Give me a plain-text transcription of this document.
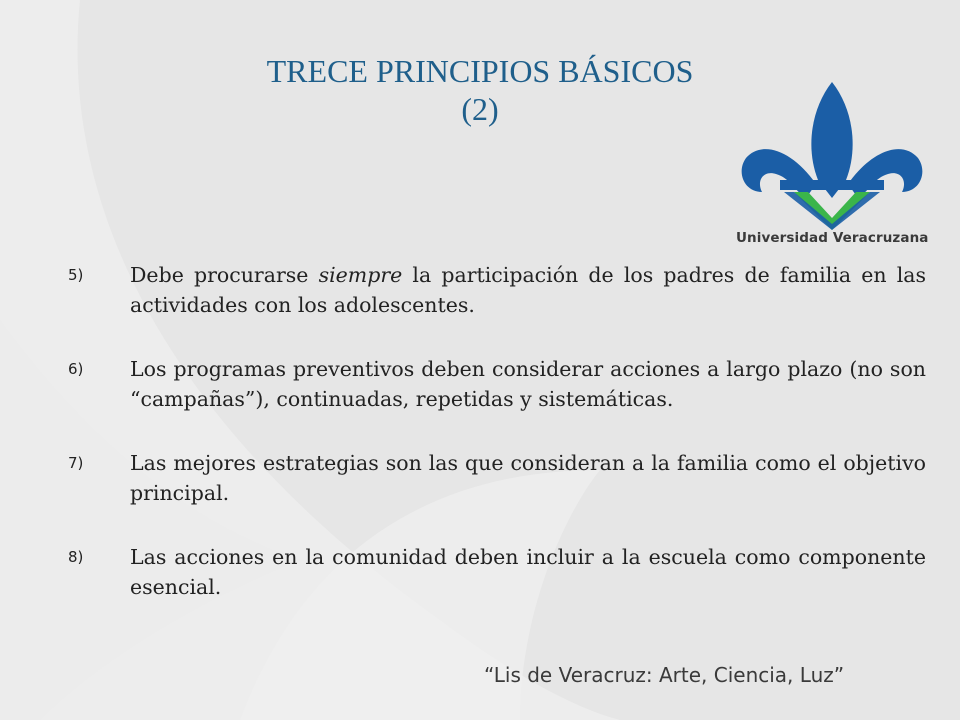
TRECE PRINCIPIOS BÁSICOS
(2)
Universidad Veracruzana
5)	Debe procurarse siempre la participación de los padres de familia en las actividades con los adolescentes.
6)	Los programas preventivos deben considerar acciones a largo plazo (no son “campañas”), continuadas, repetidas y sistemáticas.
7)	Las mejores estrategias son las que consideran a la familia como el objetivo principal.
8)	Las acciones en la comunidad deben incluir a la escuela como componente esencial.
“Lis de Veracruz: Arte, Ciencia, Luz”
